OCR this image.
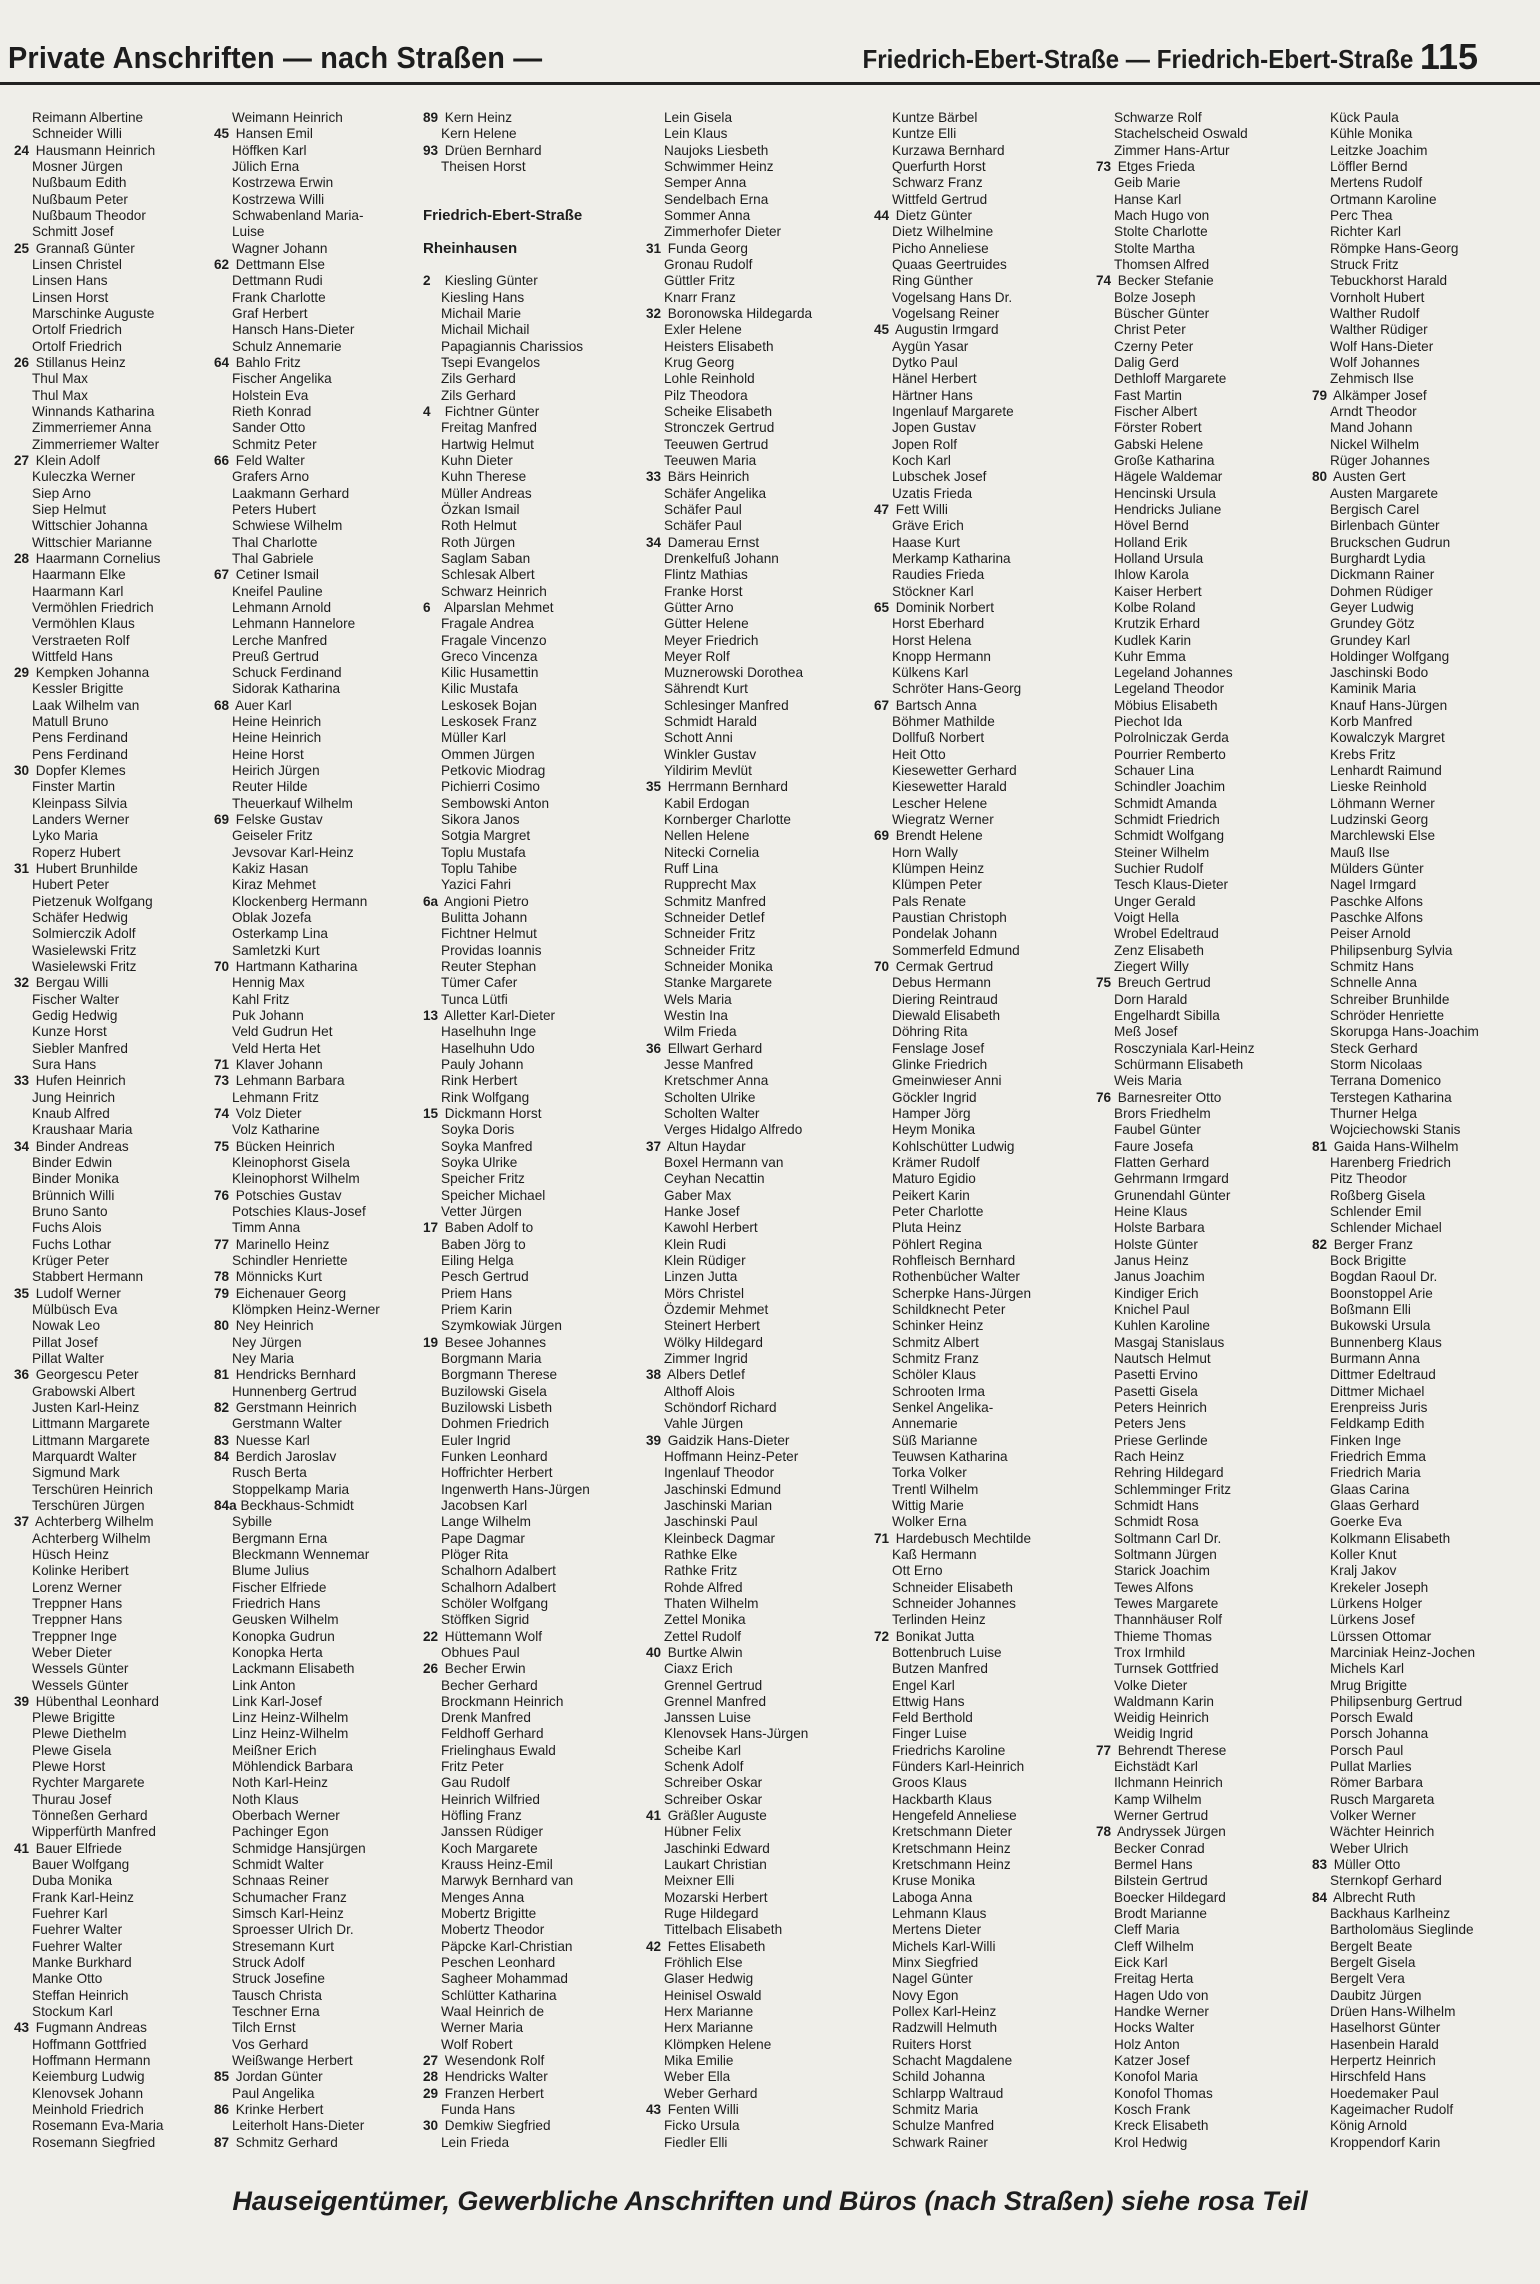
Private Anschriften — nach Straßen —	Friedrich-Ebert-Straße — Friedrich-Ebert-Straße 115
Reimann Albertine
Schneider Willi
24 Hausmann Heinrich
Mosner Jürgen
Nußbaum Edith
Nußbaum Peter
Nußbaum Theodor
Schmitt Josef
25 Grannaß Günter
Linsen Christel
Linsen Hans
Linsen Horst
Marschinke Auguste
Ortolf Friedrich
Ortolf Friedrich
26 Stillanus Heinz
Thul Max
Thul Max
Winnands Katharina
Zimmerriemer Anna
Zimmerriemer Walter
27 Klein Adolf
Kuleczka Werner
Siep Arno
Siep Helmut
Wittschier Johanna
Wittschier Marianne
28 Haarmann Cornelius
Haarmann Elke
Haarmann Karl
Vermöhlen Friedrich
Vermöhlen Klaus
Verstraeten Rolf
Wittfeld Hans
29 Kempken Johanna
Kessler Brigitte
Laak Wilhelm van
Matull Bruno
Pens Ferdinand
Pens Ferdinand
30 Dopfer Klemes
Finster Martin
Kleinpass Silvia
Landers Werner
Lyko Maria
Roperz Hubert
31 Hubert Brunhilde
Hubert Peter
Pietzenuk Wolfgang
Schäfer Hedwig
Solmierczik Adolf
Wasielewski Fritz
Wasielewski Fritz
32 Bergau Willi
Fischer Walter
Gedig Hedwig
Kunze Horst
Siebler Manfred
Sura Hans
33 Hufen Heinrich
Jung Heinrich
Knaub Alfred
Kraushaar Maria
34 Binder Andreas
Binder Edwin
Binder Monika
Brünnich Willi
Bruno Santo
Fuchs Alois
Fuchs Lothar
Krüger Peter
Stabbert Hermann
35 Ludolf Werner
Mülbüsch Eva
Nowak Leo
Pillat Josef
Pillat Walter
36 Georgescu Peter
Grabowski Albert
Justen Karl-Heinz
Littmann Margarete
Littmann Margarete
Marquardt Walter
Sigmund Mark
Terschüren Heinrich
Terschüren Jürgen
37 Achterberg Wilhelm
Achterberg Wilhelm
Hüsch Heinz
Kolinke Heribert
Lorenz Werner
Treppner Hans
Treppner Hans
Treppner Inge
Weber Dieter
Wessels Günter
Wessels Günter
39 Hübenthal Leonhard
Plewe Brigitte
Plewe Diethelm
Plewe Gisela
Plewe Horst
Rychter Margarete
Thurau Josef
Tönneßen Gerhard
Wipperfürth Manfred
41 Bauer Elfriede
Bauer Wolfgang
Duba Monika
Frank Karl-Heinz
Fuehrer Karl
Fuehrer Walter
Fuehrer Walter
Manke Burkhard
Manke Otto
Steffan Heinrich
Stockum Karl
43 Fugmann Andreas
Hoffmann Gottfried
Hoffmann Hermann
Keiemburg Ludwig
Klenovsek Johann
Meinhold Friedrich
Rosemann Eva-Maria
Rosemann Siegfried
Weimann Heinrich
45 Hansen Emil
Höffken Karl
Jülich Erna
Kostrzewa Erwin
Kostrzewa Willi
Schwabenland Maria-
Luise
Wagner Johann
62 Dettmann Else
Dettmann Rudi
Frank Charlotte
Graf Herbert
Hansch Hans-Dieter
Schulz Annemarie
64 Bahlo Fritz
Fischer Angelika
Holstein Eva
Rieth Konrad
Sander Otto
Schmitz Peter
66 Feld Walter
Grafers Arno
Laakmann Gerhard
Peters Hubert
Schwiese Wilhelm
Thal Charlotte
Thal Gabriele
67 Cetiner Ismail
Kneifel Pauline
Lehmann Arnold
Lehmann Hannelore
Lerche Manfred
Preuß Gertrud
Schuck Ferdinand
Sidorak Katharina
68 Auer Karl
Heine Heinrich
Heine Heinrich
Heine Horst
Heirich Jürgen
Reuter Hilde
Theuerkauf Wilhelm
69 Felske Gustav
Geiseler Fritz
Jevsovar Karl-Heinz
Kakiz Hasan
Kiraz Mehmet
Klockenberg Hermann
Oblak Jozefa
Osterkamp Lina
Samletzki Kurt
70 Hartmann Katharina
Hennig Max
Kahl Fritz
Puk Johann
Veld Gudrun Het
Veld Herta Het
71 Klaver Johann
73 Lehmann Barbara
Lehmann Fritz
74 Volz Dieter
Volz Katharine
75 Bücken Heinrich
Kleinophorst Gisela
Kleinophorst Wilhelm
76 Potschies Gustav
Potschies Klaus-Josef
Timm Anna
77 Marinello Heinz
Schindler Henriette
78 Mönnicks Kurt
79 Eichenauer Georg
Klömpken Heinz-Werner
80 Ney Heinrich
Ney Jürgen
Ney Maria
81 Hendricks Bernhard
Hunnenberg Gertrud
82 Gerstmann Heinrich
Gerstmann Walter
83 Nuesse Karl
84 Berdich Jaroslav
Rusch Berta
Stoppelkamp Maria
84a Beckhaus-Schmidt
Sybille
Bergmann Erna
Bleckmann Wennemar
Blume Julius
Fischer Elfriede
Friedrich Hans
Geusken Wilhelm
Konopka Gudrun
Konopka Herta
Lackmann Elisabeth
Link Anton
Link Karl-Josef
Linz Heinz-Wilhelm
Linz Heinz-Wilhelm
Meißner Erich
Möhlendick Barbara
Noth Karl-Heinz
Noth Klaus
Oberbach Werner
Pachinger Egon
Schmidge Hansjürgen
Schmidt Walter
Schnaas Reiner
Schumacher Franz
Simsch Karl-Heinz
Sproesser Ulrich Dr.
Stresemann Kurt
Struck Adolf
Struck Josefine
Tausch Christa
Teschner Erna
Tilch Ernst
Vos Gerhard
Weißwange Herbert
85 Jordan Günter
Paul Angelika
86 Krinke Herbert
Leiterholt Hans-Dieter
87 Schmitz Gerhard
89 Kern Heinz
Kern Helene
93 Drüen Bernhard
Theisen Horst
Friedrich-Ebert-Straße
Rheinhausen
2 Kiesling Günter
Kiesling Hans
Michail Marie
Michail Michail
Papagiannis Charissios
Tsepi Evangelos
Zils Gerhard
Zils Gerhard
4 Fichtner Günter
Freitag Manfred
Hartwig Helmut
Kuhn Dieter
Kuhn Therese
Müller Andreas
Özkan Ismail
Roth Helmut
Roth Jürgen
Saglam Saban
Schlesak Albert
Schwarz Heinrich
6 Alparslan Mehmet
Fragale Andrea
Fragale Vincenzo
Greco Vincenza
Kilic Husamettin
Kilic Mustafa
Leskosek Bojan
Leskosek Franz
Müller Karl
Ommen Jürgen
Petkovic Miodrag
Pichierri Cosimo
Sembowski Anton
Sikora Janos
Sotgia Margret
Toplu Mustafa
Toplu Tahibe
Yazici Fahri
6a Angioni Pietro
Bulitta Johann
Fichtner Helmut
Providas Ioannis
Reuter Stephan
Tümer Cafer
Tunca Lütfi
13 Alletter Karl-Dieter
Haselhuhn Inge
Haselhuhn Udo
Pauly Johann
Rink Herbert
Rink Wolfgang
15 Dickmann Horst
Soyka Doris
Soyka Manfred
Soyka Ulrike
Speicher Fritz
Speicher Michael
Vetter Jürgen
17 Baben Adolf to
Baben Jörg to
Eiling Helga
Pesch Gertrud
Priem Hans
Priem Karin
Szymkowiak Jürgen
19 Besee Johannes
Borgmann Maria
Borgmann Therese
Buzilowski Gisela
Buzilowski Lisbeth
Dohmen Friedrich
Euler Ingrid
Funken Leonhard
Hoffrichter Herbert
Ingenwerth Hans-Jürgen
Jacobsen Karl
Lange Wilhelm
Pape Dagmar
Plöger Rita
Schalhorn Adalbert
Schalhorn Adalbert
Schöler Wolfgang
Stöffken Sigrid
22 Hüttemann Wolf
Obhues Paul
26 Becher Erwin
Becher Gerhard
Brockmann Heinrich
Drenk Manfred
Feldhoff Gerhard
Frielinghaus Ewald
Fritz Peter
Gau Rudolf
Heinrich Wilfried
Höfling Franz
Janssen Rüdiger
Koch Margarete
Krauss Heinz-Emil
Marwyk Bernhard van
Menges Anna
Mobertz Brigitte
Mobertz Theodor
Päpcke Karl-Christian
Peschen Leonhard
Sagheer Mohammad
Schlütter Katharina
Waal Heinrich de
Werner Maria
Wolf Robert
27 Wesendonk Rolf
28 Hendricks Walter
29 Franzen Herbert
Funda Hans
30 Demkiw Siegfried
Lein Frieda
Lein Gisela
Lein Klaus
Naujoks Liesbeth
Schwimmer Heinz
Semper Anna
Sendelbach Erna
Sommer Anna
Zimmerhofer Dieter
31 Funda Georg
Gronau Rudolf
Güttler Fritz
Knarr Franz
32 Boronowska Hildegarda
Exler Helene
Heisters Elisabeth
Krug Georg
Lohle Reinhold
Pilz Theodora
Scheike Elisabeth
Stronczek Gertrud
Teeuwen Gertrud
Teeuwen Maria
33 Bärs Heinrich
Schäfer Angelika
Schäfer Paul
Schäfer Paul
34 Damerau Ernst
Drenkelfuß Johann
Flintz Mathias
Franke Horst
Gütter Arno
Gütter Helene
Meyer Friedrich
Meyer Rolf
Muznerowski Dorothea
Sährendt Kurt
Schlesinger Manfred
Schmidt Harald
Schott Anni
Winkler Gustav
Yildirim Mevlüt
35 Herrmann Bernhard
Kabil Erdogan
Kornberger Charlotte
Nellen Helene
Nitecki Cornelia
Ruff Lina
Rupprecht Max
Schmitz Manfred
Schneider Detlef
Schneider Fritz
Schneider Fritz
Schneider Monika
Stanke Margarete
Wels Maria
Westin Ina
Wilm Frieda
36 Ellwart Gerhard
Jesse Manfred
Kretschmer Anna
Scholten Ulrike
Scholten Walter
Verges Hidalgo Alfredo
37 Altun Haydar
Boxel Hermann van
Ceyhan Necattin
Gaber Max
Hanke Josef
Kawohl Herbert
Klein Rudi
Klein Rüdiger
Linzen Jutta
Mörs Christel
Özdemir Mehmet
Steinert Herbert
Wölky Hildegard
Zimmer Ingrid
38 Albers Detlef
Althoff Alois
Schöndorf Richard
Vahle Jürgen
39 Gaidzik Hans-Dieter
Hoffmann Heinz-Peter
Ingenlauf Theodor
Jaschinski Edmund
Jaschinski Marian
Jaschinski Paul
Kleinbeck Dagmar
Rathke Elke
Rathke Fritz
Rohde Alfred
Thaten Wilhelm
Zettel Monika
Zettel Rudolf
40 Burtke Alwin
Ciaxz Erich
Grennel Gertrud
Grennel Manfred
Janssen Luise
Klenovsek Hans-Jürgen
Scheibe Karl
Schenk Adolf
Schreiber Oskar
Schreiber Oskar
41 Gräßler Auguste
Hübner Felix
Jaschinki Edward
Laukart Christian
Meixner Elli
Mozarski Herbert
Ruge Hildegard
Tittelbach Elisabeth
42 Fettes Elisabeth
Fröhlich Else
Glaser Hedwig
Heinisel Oswald
Herx Marianne
Herx Marianne
Klömpken Helene
Mika Emilie
Weber Ella
Weber Gerhard
43 Fenten Willi
Ficko Ursula
Fiedler Elli
Kuntze Bärbel
Kuntze Elli
Kurzawa Bernhard
Querfurth Horst
Schwarz Franz
Wittfeld Gertrud
44 Dietz Günter
Dietz Wilhelmine
Picho Anneliese
Quaas Geertruides
Ring Günther
Vogelsang Hans Dr.
Vogelsang Reiner
45 Augustin Irmgard
Aygün Yasar
Dytko Paul
Hänel Herbert
Härtner Hans
Ingenlauf Margarete
Jopen Gustav
Jopen Rolf
Koch Karl
Lubschek Josef
Uzatis Frieda
47 Fett Willi
Gräve Erich
Haase Kurt
Merkamp Katharina
Raudies Frieda
Stöckner Karl
65 Dominik Norbert
Horst Eberhard
Horst Helena
Knopp Hermann
Külkens Karl
Schröter Hans-Georg
67 Bartsch Anna
Böhmer Mathilde
Dollfuß Norbert
Heit Otto
Kiesewetter Gerhard
Kiesewetter Harald
Lescher Helene
Wiegratz Werner
69 Brendt Helene
Horn Wally
Klümpen Heinz
Klümpen Peter
Pals Renate
Paustian Christoph
Pondelak Johann
Sommerfeld Edmund
70 Cermak Gertrud
Debus Hermann
Diering Reintraud
Diewald Elisabeth
Döhring Rita
Fenslage Josef
Glinke Friedrich
Gmeinwieser Anni
Göckler Ingrid
Hamper Jörg
Heym Monika
Kohlschütter Ludwig
Krämer Rudolf
Maturo Egidio
Peikert Karin
Peter Charlotte
Pluta Heinz
Pöhlert Regina
Rohfleisch Bernhard
Rothenbücher Walter
Scherpke Hans-Jürgen
Schildknecht Peter
Schinker Heinz
Schmitz Albert
Schmitz Franz
Schöler Klaus
Schrooten Irma
Senkel Angelika-
Annemarie
Süß Marianne
Teuwsen Katharina
Torka Volker
Trentl Wilhelm
Wittig Marie
Wolker Erna
71 Hardebusch Mechtilde
Kaß Hermann
Ott Erno
Schneider Elisabeth
Schneider Johannes
Terlinden Heinz
72 Bonikat Jutta
Bottenbruch Luise
Butzen Manfred
Engel Karl
Ettwig Hans
Feld Berthold
Finger Luise
Friedrichs Karoline
Fünders Karl-Heinrich
Groos Klaus
Hackbarth Klaus
Hengefeld Anneliese
Kretschmann Dieter
Kretschmann Heinz
Kretschmann Heinz
Kruse Monika
Laboga Anna
Lehmann Klaus
Mertens Dieter
Michels Karl-Willi
Minx Siegfried
Nagel Günter
Novy Egon
Pollex Karl-Heinz
Radzwill Helmuth
Ruiters Horst
Schacht Magdalene
Schild Johanna
Schlarpp Waltraud
Schmitz Maria
Schulze Manfred
Schwark Rainer
Schwarze Rolf
Stachelscheid Oswald
Zimmer Hans-Artur
73 Etges Frieda
Geib Marie
Hanse Karl
Mach Hugo von
Stolte Charlotte
Stolte Martha
Thomsen Alfred
74 Becker Stefanie
Bolze Joseph
Büscher Günter
Christ Peter
Czerny Peter
Dalig Gerd
Dethloff Margarete
Fast Martin
Fischer Albert
Förster Robert
Gabski Helene
Große Katharina
Hägele Waldemar
Hencinski Ursula
Hendricks Juliane
Hövel Bernd
Holland Erik
Holland Ursula
Ihlow Karola
Kaiser Herbert
Kolbe Roland
Krutzik Erhard
Kudlek Karin
Kuhr Emma
Legeland Johannes
Legeland Theodor
Möbius Elisabeth
Piechot Ida
Polrolniczak Gerda
Pourrier Remberto
Schauer Lina
Schindler Joachim
Schmidt Amanda
Schmidt Friedrich
Schmidt Wolfgang
Steiner Wilhelm
Suchier Rudolf
Tesch Klaus-Dieter
Unger Gerald
Voigt Hella
Wrobel Edeltraud
Zenz Elisabeth
Ziegert Willy
75 Breuch Gertrud
Dorn Harald
Engelhardt Sibilla
Meß Josef
Rosczyniala Karl-Heinz
Schürmann Elisabeth
Weis Maria
76 Barnesreiter Otto
Brors Friedhelm
Faubel Günter
Faure Josefa
Flatten Gerhard
Gehrmann Irmgard
Grunendahl Günter
Heine Klaus
Holste Barbara
Holste Günter
Janus Heinz
Janus Joachim
Kindiger Erich
Knichel Paul
Kuhlen Karoline
Masgaj Stanislaus
Nautsch Helmut
Pasetti Ervino
Pasetti Gisela
Peters Heinrich
Peters Jens
Priese Gerlinde
Rach Heinz
Rehring Hildegard
Schlemminger Fritz
Schmidt Hans
Schmidt Rosa
Soltmann Carl Dr.
Soltmann Jürgen
Starick Joachim
Tewes Alfons
Tewes Margarete
Thannhäuser Rolf
Thieme Thomas
Trox Irmhild
Turnsek Gottfried
Volke Dieter
Waldmann Karin
Weidig Heinrich
Weidig Ingrid
77 Behrendt Therese
Eichstädt Karl
Ilchmann Heinrich
Kamp Wilhelm
Werner Gertrud
78 Andryssek Jürgen
Becker Conrad
Bermel Hans
Bilstein Gertrud
Boecker Hildegard
Brodt Marianne
Cleff Maria
Cleff Wilhelm
Eick Karl
Freitag Herta
Hagen Udo von
Handke Werner
Hocks Walter
Holz Anton
Katzer Josef
Konofol Maria
Konofol Thomas
Kosch Frank
Kreck Elisabeth
Krol Hedwig
Kück Paula
Kühle Monika
Leitzke Joachim
Löffler Bernd
Mertens Rudolf
Ortmann Karoline
Perc Thea
Richter Karl
Römpke Hans-Georg
Struck Fritz
Tebuckhorst Harald
Vornholt Hubert
Walther Rudolf
Walther Rüdiger
Wolf Hans-Dieter
Wolf Johannes
Zehmisch Ilse
79 Alkämper Josef
Arndt Theodor
Mand Johann
Nickel Wilhelm
Rüger Johannes
80 Austen Gert
Austen Margarete
Bergisch Carel
Birlenbach Günter
Bruckschen Gudrun
Burghardt Lydia
Dickmann Rainer
Dohmen Rüdiger
Geyer Ludwig
Grundey Götz
Grundey Karl
Holdinger Wolfgang
Jaschinski Bodo
Kaminik Maria
Knauf Hans-Jürgen
Korb Manfred
Kowalczyk Margret
Krebs Fritz
Lenhardt Raimund
Lieske Reinhold
Löhmann Werner
Ludzinski Georg
Marchlewski Else
Mauß Ilse
Mülders Günter
Nagel Irmgard
Paschke Alfons
Paschke Alfons
Peiser Arnold
Philipsenburg Sylvia
Schmitz Hans
Schnelle Anna
Schreiber Brunhilde
Schröder Henriette
Skorupga Hans-Joachim
Steck Gerhard
Storm Nicolaas
Terrana Domenico
Terstegen Katharina
Thurner Helga
Wojciechowski Stanis
81 Gaida Hans-Wilhelm
Harenberg Friedrich
Pitz Theodor
Roßberg Gisela
Schlender Emil
Schlender Michael
82 Berger Franz
Bock Brigitte
Bogdan Raoul Dr.
Boonstoppel Arie
Boßmann Elli
Bukowski Ursula
Bunnenberg Klaus
Burmann Anna
Dittmer Edeltraud
Dittmer Michael
Erenpreiss Juris
Feldkamp Edith
Finken Inge
Friedrich Emma
Friedrich Maria
Glaas Carina
Glaas Gerhard
Goerke Eva
Kolkmann Elisabeth
Koller Knut
Kralj Jakov
Krekeler Joseph
Lürkens Holger
Lürkens Josef
Lürssen Ottomar
Marciniak Heinz-Jochen
Michels Karl
Mrug Brigitte
Philipsenburg Gertrud
Porsch Ewald
Porsch Johanna
Porsch Paul
Pullat Marlies
Römer Barbara
Rusch Margareta
Volker Werner
Wächter Heinrich
Weber Ulrich
83 Müller Otto
Sternkopf Gerhard
84 Albrecht Ruth
Backhaus Karlheinz
Bartholomäus Sieglinde
Bergelt Beate
Bergelt Gisela
Bergelt Vera
Daubitz Jürgen
Drüen Hans-Wilhelm
Haselhorst Günter
Hasenbein Harald
Herpertz Heinrich
Hirschfeld Hans
Hoedemaker Paul
Kageimacher Rudolf
König Arnold
Kroppendorf Karin
Hauseigentümer, Gewerbliche Anschriften und Büros (nach Straßen) siehe rosa Teil
